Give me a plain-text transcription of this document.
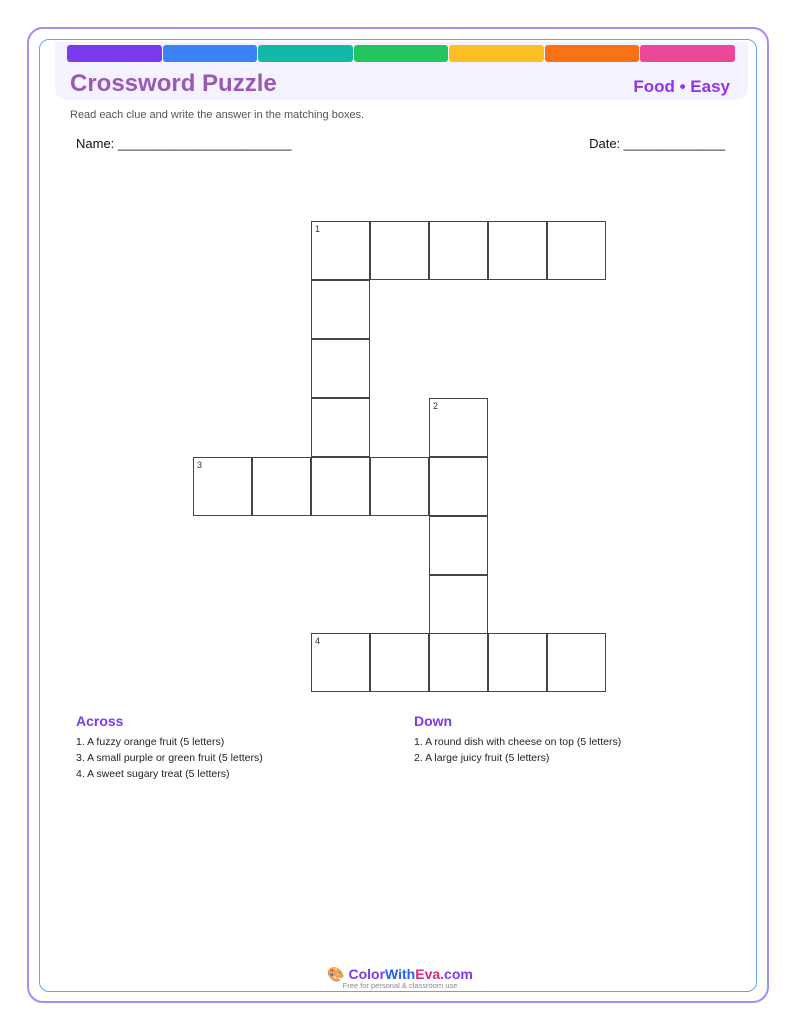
Crossword Puzzle	Food • Easy
Read each clue and write the answer in the matching boxes.
Name: ________________________	Date: ______________
1
2
3
4
Across
1. A fuzzy orange fruit (5 letters)
3. A small purple or green fruit (5 letters)
4. A sweet sugary treat (5 letters)
Down
1. A round dish with cheese on top (5 letters)
2. A large juicy fruit (5 letters)
🎨 ColorWithEva.com
Free for personal & classroom use
